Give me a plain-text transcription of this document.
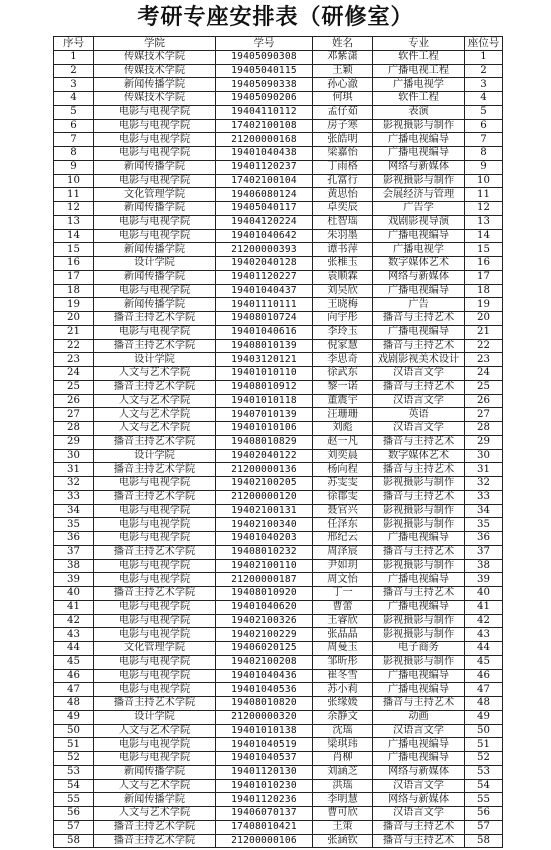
考研专座安排表（研修室）
序号	学院	学号	姓名	专业	座位号
1	传媒技术学院	19405090308	邓紫潇	软件工程	1
2	传媒技术学院	19405040115	王颖	广播电视工程	2
3	新闻传播学院	19405090338	孙心澈	广播电视学	3
4	传媒技术学院	19405090206	何琪	软件工程	4
5	电影与电视学院	19404110112	孟仔茹	表演	5
6	电影与电视学院	17402100108	房子寒	影视摄影与制作	6
7	电影与电视学院	21200000168	张皓明	广播电视编导	7
8	电影与电视学院	19401040438	梁嘉怡	广播电视编导	8
9	新闻传播学院	19401120237	丁雨格	网络与新媒体	9
10	电影与电视学院	17402100104	孔富行	影视摄影与制作	10
11	文化管理学院	19406080124	黄思怡	会展经济与管理	11
12	新闻传播学院	19405040117	卓奕辰	广告学	12
13	电影与电视学院	19404120224	杜智瑶	戏剧影视导演	13
14	电影与电视学院	19401040642	朱羽墨	广播电视编导	14
15	新闻传播学院	21200000393	谭书萍	广播电视学	15
16	设计学院	19402040128	张稚玉	数字媒体艺术	16
17	新闻传播学院	19401120227	袁顺霖	网络与新媒体	17
18	电影与电视学院	19401040437	刘昊欣	广播电视编导	18
19	新闻传播学院	19401110111	王晓梅	广告	19
20	播音主持艺术学院	19408010724	向宇彤	播音与主持艺术	20
21	电影与电视学院	19401040616	李玲玉	广播电视编导	21
22	播音主持艺术学院	19408010139	倪家慧	播音与主持艺术	22
23	设计学院	19403120121	李思奇	戏剧影视美术设计	23
24	人文与艺术学院	19401010110	徐武东	汉语言文学	24
25	播音主持艺术学院	19408010912	黎一诺	播音与主持艺术	25
26	人文与艺术学院	19401010118	董震宇	汉语言文学	26
27	人文与艺术学院	19407010139	汪珊珊	英语	27
28	人文与艺术学院	19401010106	刘彪	汉语言文学	28
29	播音主持艺术学院	19408010829	赵一凡	播音与主持艺术	29
30	设计学院	19402040122	刘奕晨	数字媒体艺术	30
31	播音主持艺术学院	21200000136	杨向程	播音与主持艺术	31
32	电影与电视学院	19402100205	苏雯雯	影视摄影与制作	32
33	播音主持艺术学院	21200000120	徐郡雯	播音与主持艺术	33
34	电影与电视学院	19402100131	聂官兴	影视摄影与制作	34
35	电影与电视学院	19402100340	任泽东	影视摄影与制作	35
36	电影与电视学院	19401040203	邢纪云	广播电视编导	36
37	播音主持艺术学院	19408010232	周泽宸	播音与主持艺术	37
38	电影与电视学院	19402100110	尹如玥	影视摄影与制作	38
39	电影与电视学院	21200000187	周文怡	广播电视编导	39
40	播音主持艺术学院	19408010920	丁一	播音与主持艺术	40
41	电影与电视学院	19401040620	曹蕾	广播电视编导	41
42	电影与电视学院	19402100326	王睿欣	影视摄影与制作	42
43	电影与电视学院	19402100229	张晶晶	影视摄影与制作	43
44	文化管理学院	19406020125	周曼玉	电子商务	44
45	电影与电视学院	19402100208	邹昕彤	影视摄影与制作	45
46	电影与电视学院	19401040436	崔冬雪	广播电视编导	46
47	电影与电视学院	19401040536	苏小莉	广播电视编导	47
48	播音主持艺术学院	19408010820	张缘媛	播音与主持艺术	48
49	设计学院	21200000320	余静文	动画	49
50	人文与艺术学院	19401010138	沈瑶	汉语言文学	50
51	电影与电视学院	19401040519	梁琪玮	广播电视编导	51
52	电影与电视学院	19401040537	肖柳	广播电视编导	52
53	新闻传播学院	19401120130	刘涵芝	网络与新媒体	53
54	人文与艺术学院	19401010230	洪瑶	汉语言文学	54
55	新闻传播学院	19401120236	李明慧	网络与新媒体	55
56	人文与艺术学院	19406070137	曹可欣	汉语言文学	56
57	播音主持艺术学院	17408010421	王策	播音与主持艺术	57
58	播音主持艺术学院	21200000106	张涵钦	播音与主持艺术	58
